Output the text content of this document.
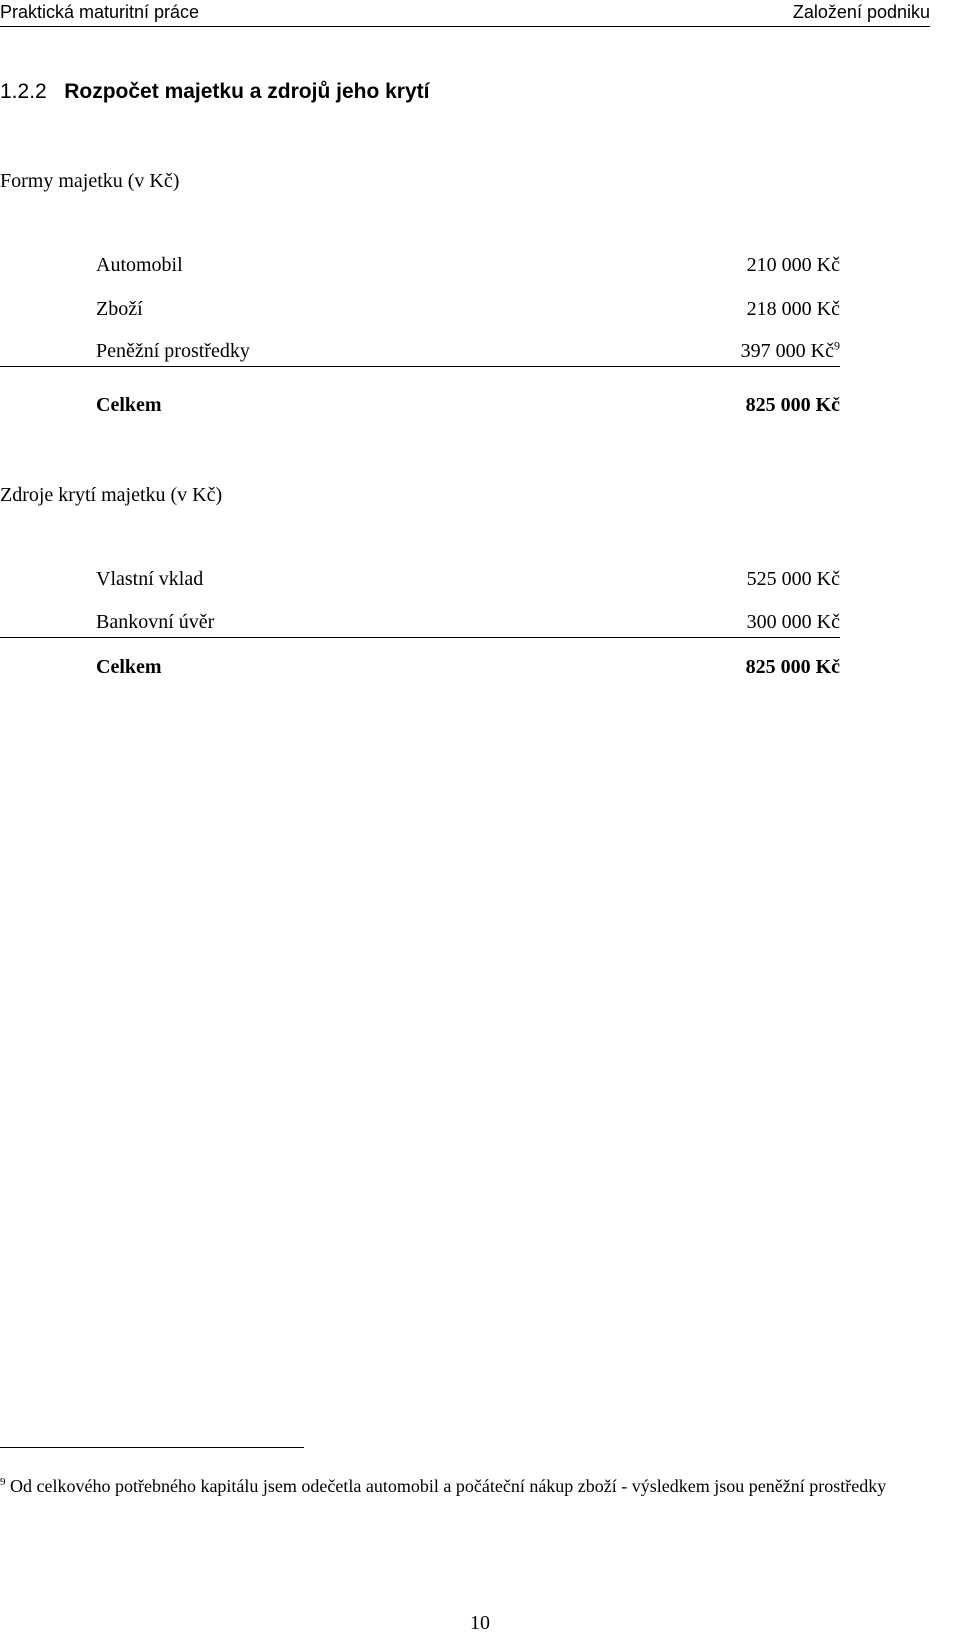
Praktická maturitní práce	Založení podniku
1.2.2 Rozpočet majetku a zdrojů jeho krytí
Formy majetku (v Kč)
Automobil	210 000 Kč
Zboží	218 000 Kč
Peněžní prostředky	397 000 $Kč^9$
Celkem	825 000 Kč
Zdroje krytí majetku (v Kč)
Vlastní vklad	525 000 Kč
Bankovní úvěr	300 000 Kč
Celkem	825 000 Kč
$^9$ Od celkového potřebného kapitálu jsem odečetla automobil a počáteční nákup zboží - výsledkem jsou peněžní prostředky
10
